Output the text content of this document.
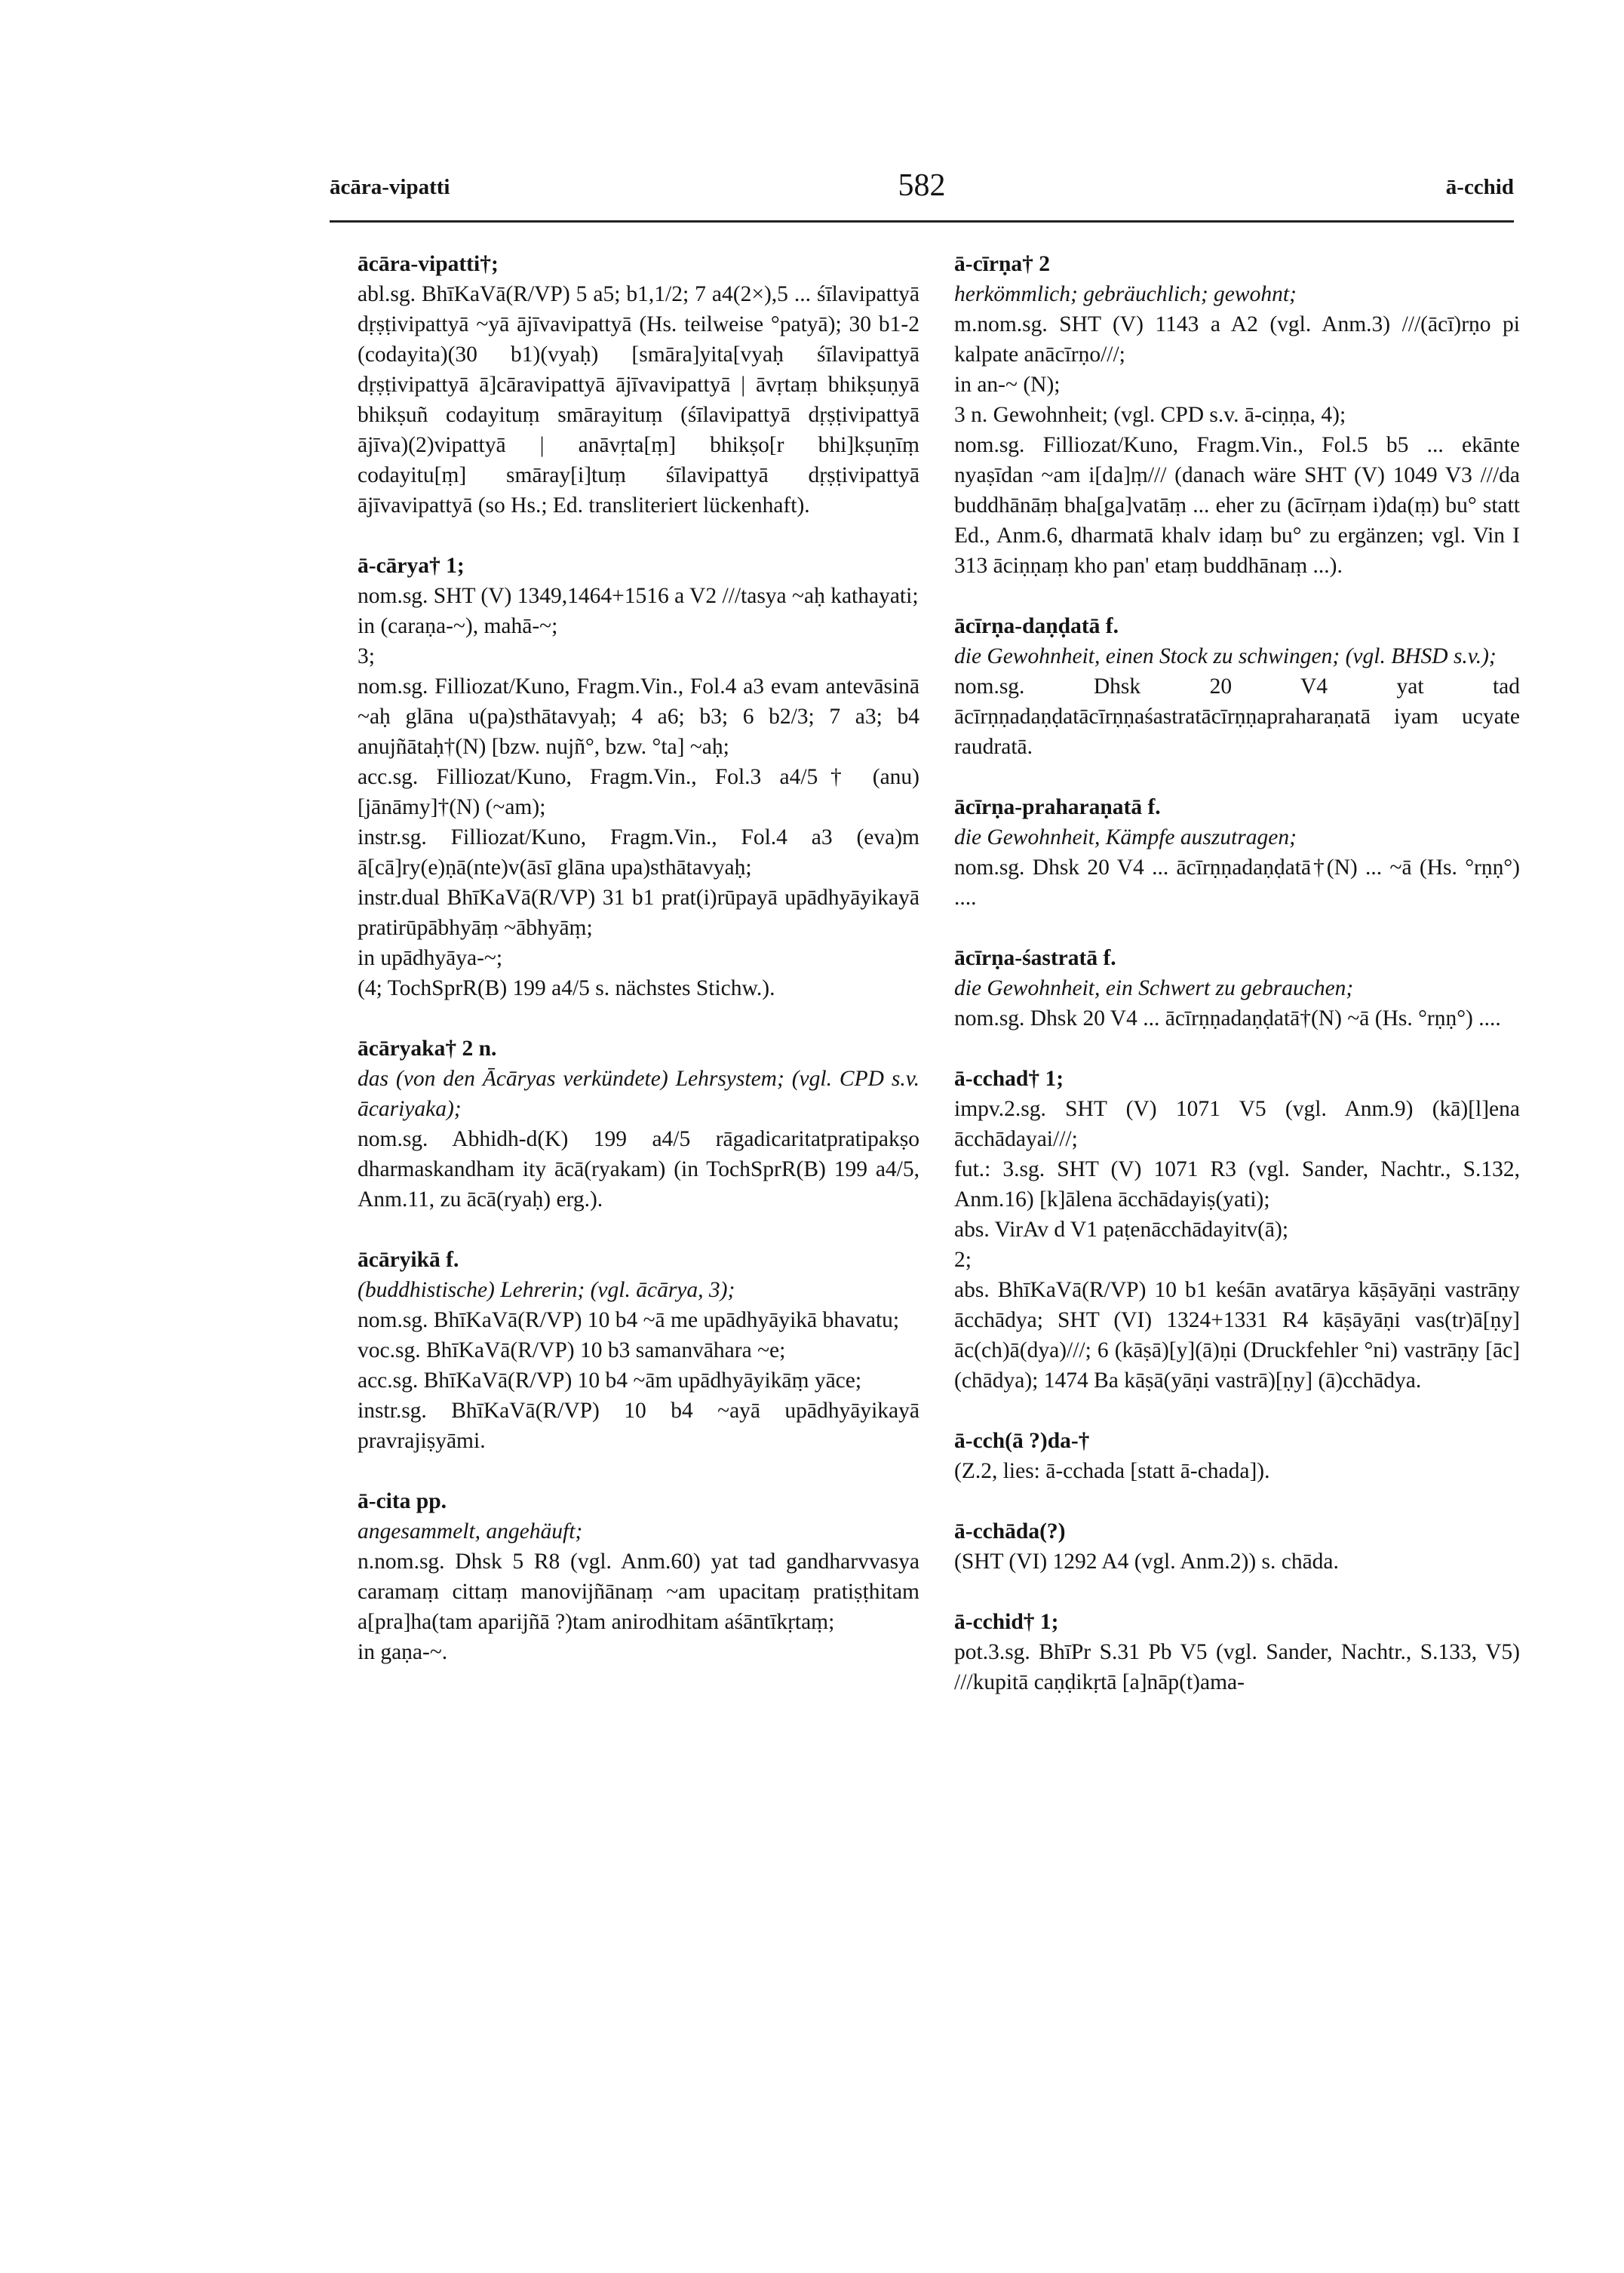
ācāra-vipatti	582	ā-cchid

ācāra-vipatti†;

abl.sg. BhīKaVā(R/VP) 5 a5; b1,1/2; 7 a4(2×),5 ... śīlavipattyā dṛṣṭivipattyā ~yā ājīvavipattyā (Hs. teilweise °patyā); 30 b1-2 (codayita)(30 b1)(vyaḥ) [smāra]yita[vyaḥ śīlavipattyā dṛṣṭivipattyā ā]cāravipattyā ājīvavipattyā | āvṛtaṃ bhikṣuṇyā bhikṣuñ codayituṃ smārayituṃ (śīlavipattyā dṛṣṭivipattyā ājīva)(2)vipattyā | anāvṛta[ṃ] bhikṣo[r bhi]kṣuṇīṃ codayitu[ṃ] smāray[i]tuṃ śīlavipattyā dṛṣṭivipattyā ājīvavipattyā (so Hs.; Ed. transliteriert lückenhaft).

ā-cārya† 1;

nom.sg. SHT (V) 1349,1464+1516 a V2 ///tasya ~aḥ kathayati;

in (caraṇa-~), mahā-~;

3;

nom.sg. Filliozat/Kuno, Fragm.Vin., Fol.4 a3 evam antevāsinā ~aḥ glāna u(pa)sthātavyaḥ; 4 a6; b3; 6 b2/3; 7 a3; b4 anujñātaḥ†(N) [bzw. nujñ°, bzw. °ta] ~aḥ;

acc.sg. Filliozat/Kuno, Fragm.Vin., Fol.3 a4/5† (anu)[jānāmy]†(N) (~am);

instr.sg. Filliozat/Kuno, Fragm.Vin., Fol.4 a3 (eva)m ā[cā]ry(e)ṇā(nte)v(āsī glāna upa)sthātavyaḥ;

instr.dual BhīKaVā(R/VP) 31 b1 prat(i)rūpayā upādhyāyikayā pratirūpābhyāṃ ~ābhyāṃ;

in upādhyāya-~;

(4; TochSprR(B) 199 a4/5 s. nächstes Stichw.).

ācāryaka† 2 n.

das (von den Ācāryas verkündete) Lehrsystem; (vgl. CPD s.v. ācariyaka);

nom.sg. Abhidh-d(K) 199 a4/5 rāgadicaritatpratipakṣo dharmaskandham ity ācā(ryakam) (in TochSprR(B) 199 a4/5, Anm.11, zu ācā(ryaḥ) erg.).

ācāryikā f.

(buddhistische) Lehrerin; (vgl. ācārya, 3);

nom.sg. BhīKaVā(R/VP) 10 b4 ~ā me upādhyāyikā bhavatu;

voc.sg. BhīKaVā(R/VP) 10 b3 samanvāhara ~e;

acc.sg. BhīKaVā(R/VP) 10 b4 ~ām upādhyāyikāṃ yāce;

instr.sg. BhīKaVā(R/VP) 10 b4 ~ayā upādhyāyikayā pravrajiṣyāmi.

ā-cita pp.

angesammelt, angehäuft;

n.nom.sg. Dhsk 5 R8 (vgl. Anm.60) yat tad gandharvvasya caramaṃ cittaṃ manovijñānaṃ ~am upacitaṃ pratiṣṭhitam a[pra]ha(tam aparijñā ?)tam anirodhitam aśāntīkṛtaṃ;

in gaṇa-~.

ā-cīrṇa† 2

herkömmlich; gebräuchlich; gewohnt;

m.nom.sg. SHT (V) 1143 a A2 (vgl. Anm.3) ///(ācī)rṇo pi kalpate anācīrṇo///;

in an-~ (N);

3 n. Gewohnheit; (vgl. CPD s.v. ā-ciṇṇa, 4);

nom.sg. Filliozat/Kuno, Fragm.Vin., Fol.5 b5 ... ekānte nyaṣīdan ~am i[da]ṃ/// (danach wäre SHT (V) 1049 V3 ///da buddhānāṃ bha[ga]vatāṃ ... eher zu (ācīrṇam i)da(ṃ) bu° statt Ed., Anm.6, dharmatā khalv idaṃ bu° zu ergänzen; vgl. Vin I 313 āciṇṇaṃ kho pan' etaṃ buddhānaṃ ...).

ācīrṇa-daṇḍatā f.

die Gewohnheit, einen Stock zu schwingen; (vgl. BHSD s.v.);

nom.sg. Dhsk 20 V4 yat tad ācīrṇṇadaṇḍatācīrṇṇaśastratācīrṇṇapraharaṇatā iyam ucyate raudratā.

ācīrṇa-praharaṇatā f.

die Gewohnheit, Kämpfe auszutragen;

nom.sg. Dhsk 20 V4 ... ācīrṇṇadaṇḍatā†(N) ... ~ā (Hs. °rṇṇ°) ....

ācīrṇa-śastratā f.

die Gewohnheit, ein Schwert zu gebrauchen;

nom.sg. Dhsk 20 V4 ... ācīrṇṇadaṇḍatā†(N) ~ā (Hs. °rṇṇ°) ....

ā-cchad† 1;

impv.2.sg. SHT (V) 1071 V5 (vgl. Anm.9) (kā)[l]ena ācchādayai///;

fut.: 3.sg. SHT (V) 1071 R3 (vgl. Sander, Nachtr., S.132, Anm.16) [k]ālena ācchādayiṣ(yati);

abs. VirAv d V1 paṭenācchādayitv(ā);

2;

abs. BhīKaVā(R/VP) 10 b1 keśān avatārya kāṣāyāṇi vastrāṇy ācchādya; SHT (VI) 1324+1331 R4 kāṣāyāṇi vas(tr)ā[ṇy] āc(ch)ā(dya)///; 6 (kāṣā)[y](ā)ṇi (Druckfehler °ni) vastrāṇy [āc](chādya); 1474 Ba kāṣā(yāṇi vastrā)[ṇy] (ā)cchādya.

ā-cch(ā ?)da-†

(Z.2, lies: ā-cchada [statt ā-chada]).

ā-cchāda(?)

(SHT (VI) 1292 A4 (vgl. Anm.2)) s. chāda.

ā-cchid† 1;

pot.3.sg. BhīPr S.31 Pb V5 (vgl. Sander, Nachtr., S.133, V5) ///kupitā caṇḍikṛtā [a]nāp(t)ama-
